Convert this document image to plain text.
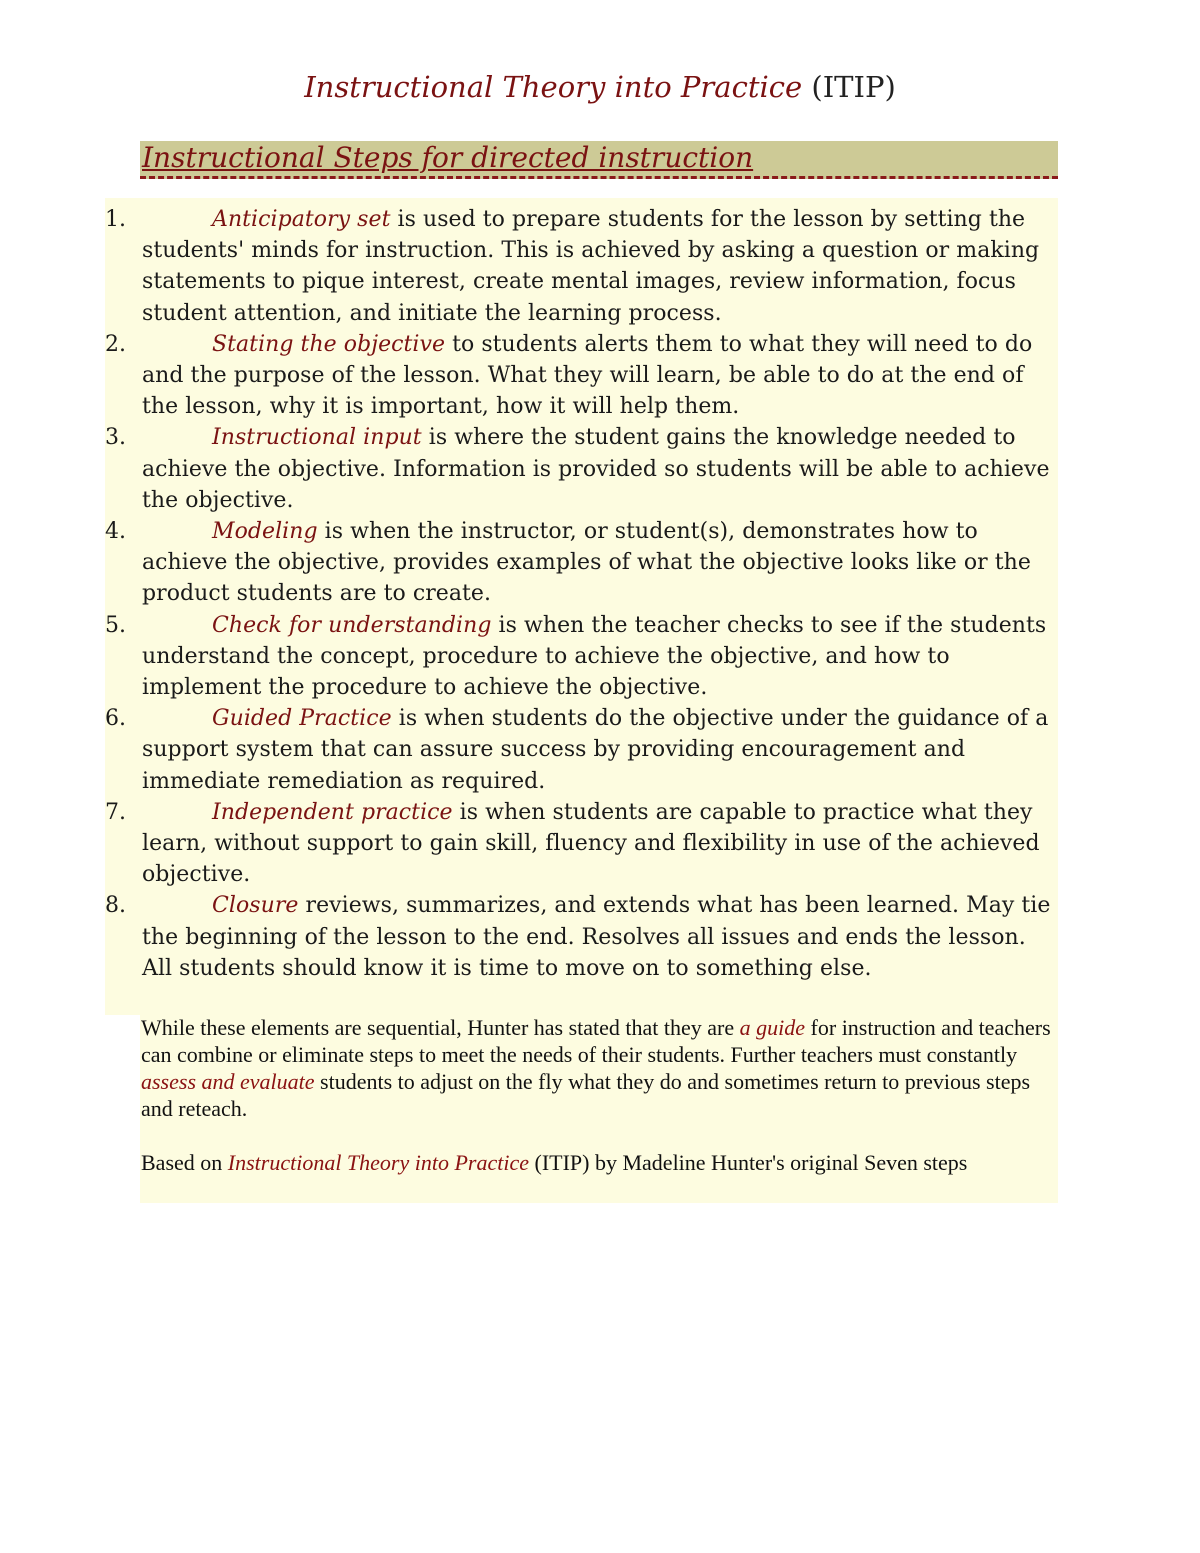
Instructional Theory into Practice (ITIP)
Instructional Steps for directed instruction
1.	Anticipatory set is used to prepare students for the lesson by setting the students' minds for instruction. This is achieved by asking a question or making statements to pique interest, create mental images, review information, focus student attention, and initiate the learning process.
2.	Stating the objective to students alerts them to what they will need to do and the purpose of the lesson. What they will learn, be able to do at the end of the lesson, why it is important, how it will help them.
3.	Instructional input is where the student gains the knowledge needed to achieve the objective. Information is provided so students will be able to achieve the objective.
4.	Modeling is when the instructor, or student(s), demonstrates how to achieve the objective, provides examples of what the objective looks like or the product students are to create.
5.	Check for understanding is when the teacher checks to see if the students understand the concept, procedure to achieve the objective, and how to implement the procedure to achieve the objective.
6.	Guided Practice is when students do the objective under the guidance of a support system that can assure success by providing encouragement and immediate remediation as required.
7.	Independent practice is when students are capable to practice what they learn, without support to gain skill, fluency and flexibility in use of the achieved objective.
8.	Closure reviews, summarizes, and extends what has been learned. May tie the beginning of the lesson to the end. Resolves all issues and ends the lesson. All students should know it is time to move on to something else.

While these elements are sequential, Hunter has stated that they are a guide for instruction and teachers can combine or eliminate steps to meet the needs of their students. Further teachers must constantly assess and evaluate students to adjust on the fly what they do and sometimes return to previous steps and reteach.

Based on Instructional Theory into Practice (ITIP) by Madeline Hunter's original Seven steps
